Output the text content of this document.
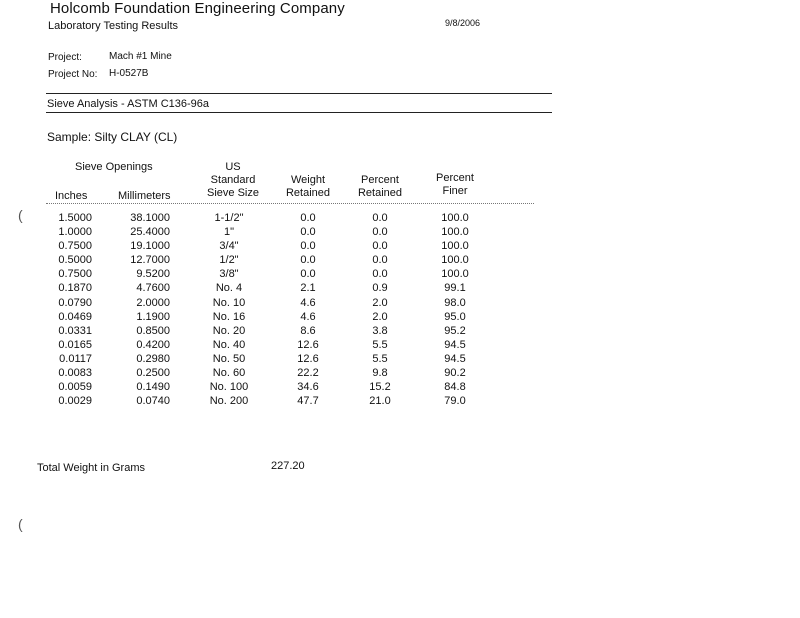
Holcomb Foundation Engineering Company
Laboratory Testing Results	9/8/2006
Project:	Mach #1 Mine
Project No: H-0527B
Sieve Analysis - ASTM C136-96a
Sample: Silty CLAY (CL)
Sieve Openings
Inches	Millimeters
US
Standard
Sieve Size
Weight
Retained
Percent
Retained
Percent
Finer
(	1.5000	38.1000	1-1/2"	0.0	0.0	100.0
1.0000	25.4000	1"	0.0	0.0	100.0
0.7500	19.1000	3/4"	0.0	0.0	100.0
0.5000	12.7000	1/2"	0.0	0.0	100.0
0.7500	9.5200	3/8"	0.0	0.0	100.0
0.1870	4.7600	No. 4	2.1	0.9	99.1
0.0790	2.0000	No. 10	4.6	2.0	98.0
0.0469	1.1900	No. 16	4.6	2.0	95.0
0.0331	0.8500	No. 20	8.6	3.8	95.2
0.0165	0.4200	No. 40	12.6	5.5	94.5
0.0117	0.2980	No. 50	12.6	5.5	94.5
0.0083	0.2500	No. 60	22.2	9.8	90.2
0.0059	0.1490	No. 100	34.6	15.2	84.8
0.0029	0.0740	No. 200	47.7	21.0	79.0
Total Weight in Grams	227.20
(
